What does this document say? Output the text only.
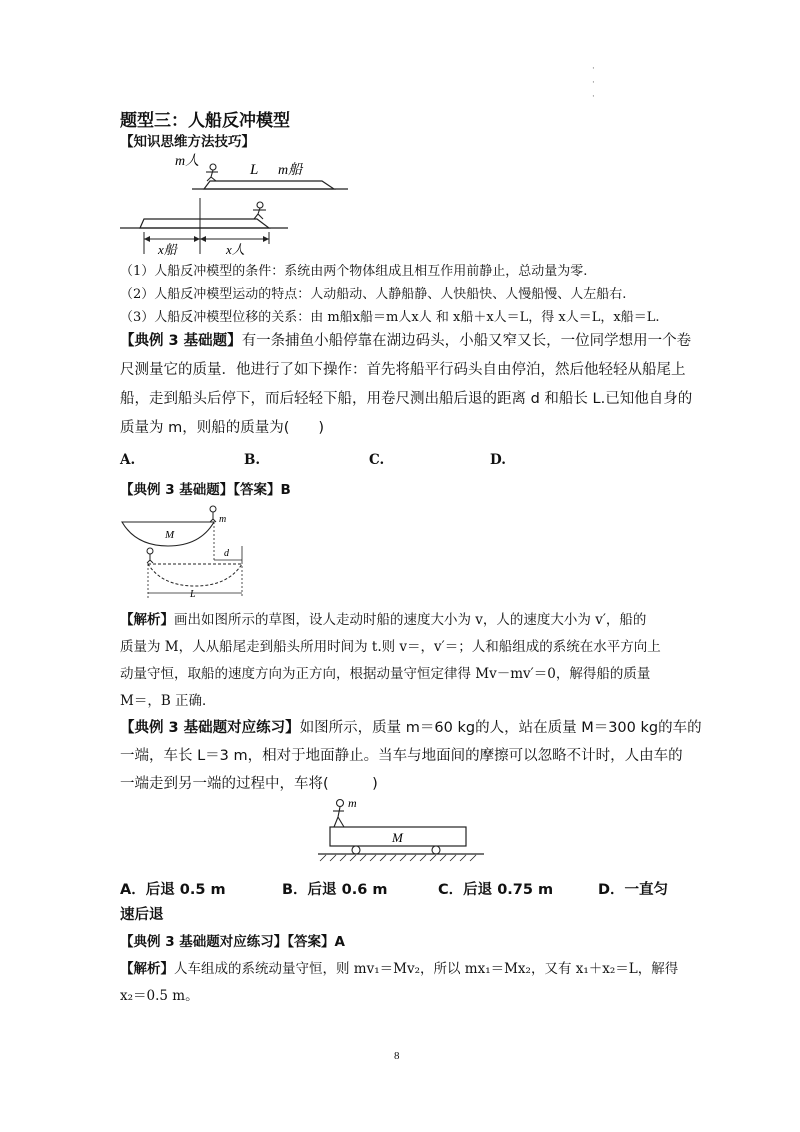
·
·
·
题型三：人船反冲模型
【知识思维方法技巧】
m人
L m船
x船	x人
（1）人船反冲模型的条件：系统由两个物体组成且相互作用前静止，总动量为零.
（2）人船反冲模型运动的特点：人动船动、人静船静、人快船快、人慢船慢、人左船右.
（3）人船反冲模型位移的关系：由 m船x船＝m人x人 和 x船＋x人＝L，得 x人＝L，x船＝L.
【典例 3 基础题】有一条捕鱼小船停靠在湖边码头，小船又窄又长，一位同学想用一个卷
尺测量它的质量．他进行了如下操作：首先将船平行码头自由停泊，然后他轻轻从船尾上
船，走到船头后停下，而后轻轻下船，用卷尺测出船后退的距离 d 和船长 L.已知他自身的
质量为 m，则船的质量为(　　)
A.	B.	C.	D.
【典例 3 基础题】【答案】B
M
m
d
L
【解析】画出如图所示的草图，设人走动时船的速度大小为 v，人的速度大小为 v′，船的
质量为 M，人从船尾走到船头所用时间为 t.则 v＝，v′＝；人和船组成的系统在水平方向上
动量守恒，取船的速度方向为正方向，根据动量守恒定律得 Mv－mv′＝0，解得船的质量
M＝，B 正确．
【典例 3 基础题对应练习】如图所示，质量 m＝60 kg的人，站在质量 M＝300 kg的车的
一端，车长 L＝3 m，相对于地面静止。当车与地面间的摩擦可以忽略不计时，人由车的
一端走到另一端的过程中，车将(　　　)
m
M
A．后退 0.5 m	B．后退 0.6 m	C．后退 0.75 m	D．一直匀
速后退
【典例 3 基础题对应练习】【答案】A
【解析】人车组成的系统动量守恒，则 mv₁＝Mv₂，所以 mx₁＝Mx₂，又有 x₁＋x₂＝L，解得
x₂＝0.5 m。
8
